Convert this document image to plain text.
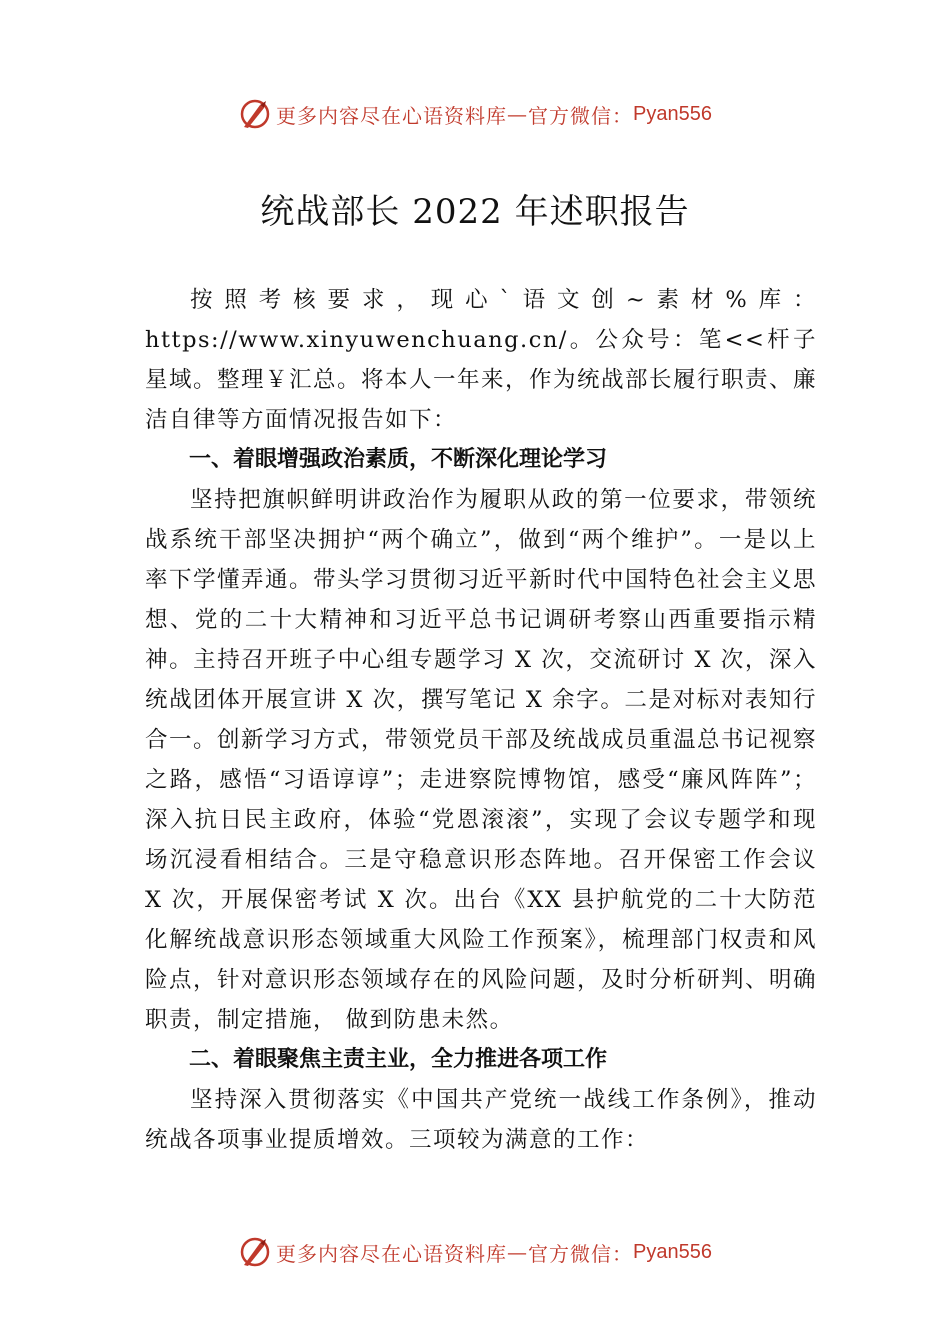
更多内容尽在心语资料库 — 官方微信： Pyan556
统战部长 2022 年述职报告

按照考核要求，现心`语文创~素材%库：https://www.xinyuwenchuang.cn/。公众号：笔<<杆子星域。整理￥汇总。将本人一年来，作为统战部长履行职责、廉洁自律等方面情况报告如下：

一、着眼增强政治素质，不断深化理论学习

坚持把旗帜鲜明讲政治作为履职从政的第一位要求，带领统战系统干部坚决拥护“两个确立”，做到“两个维护”。一是以上率下学懂弄通。带头学习贯彻习近平新时代中国特色社会主义思想、党的二十大精神和习近平总书记调研考察山西重要指示精神。主持召开班子中心组专题学习 X 次，交流研讨 X 次，深入统战团体开展宣讲 X 次，撰写笔记 X 余字。二是对标对表知行合一。创新学习方式，带领党员干部及统战成员重温总书记视察之路，感悟“习语谆谆”；走进察院博物馆，感受“廉风阵阵”；深入抗日民主政府，体验“党恩滚滚”，实现了会议专题学和现场沉浸看相结合。三是守稳意识形态阵地。召开保密工作会议 X 次，开展保密考试 X 次。出台《XX 县护航党的二十大防范化解统战意识形态领域重大风险工作预案》，梳理部门权责和风险点，针对意识形态领域存在的风险问题，及时分析研判、明确职责，制定措施， 做到防患未然。

二、着眼聚焦主责主业，全力推进各项工作

坚持深入贯彻落实《中国共产党统一战线工作条例》，推动统战各项事业提质增效。三项较为满意的工作：

更多内容尽在心语资料库 — 官方微信： Pyan556
